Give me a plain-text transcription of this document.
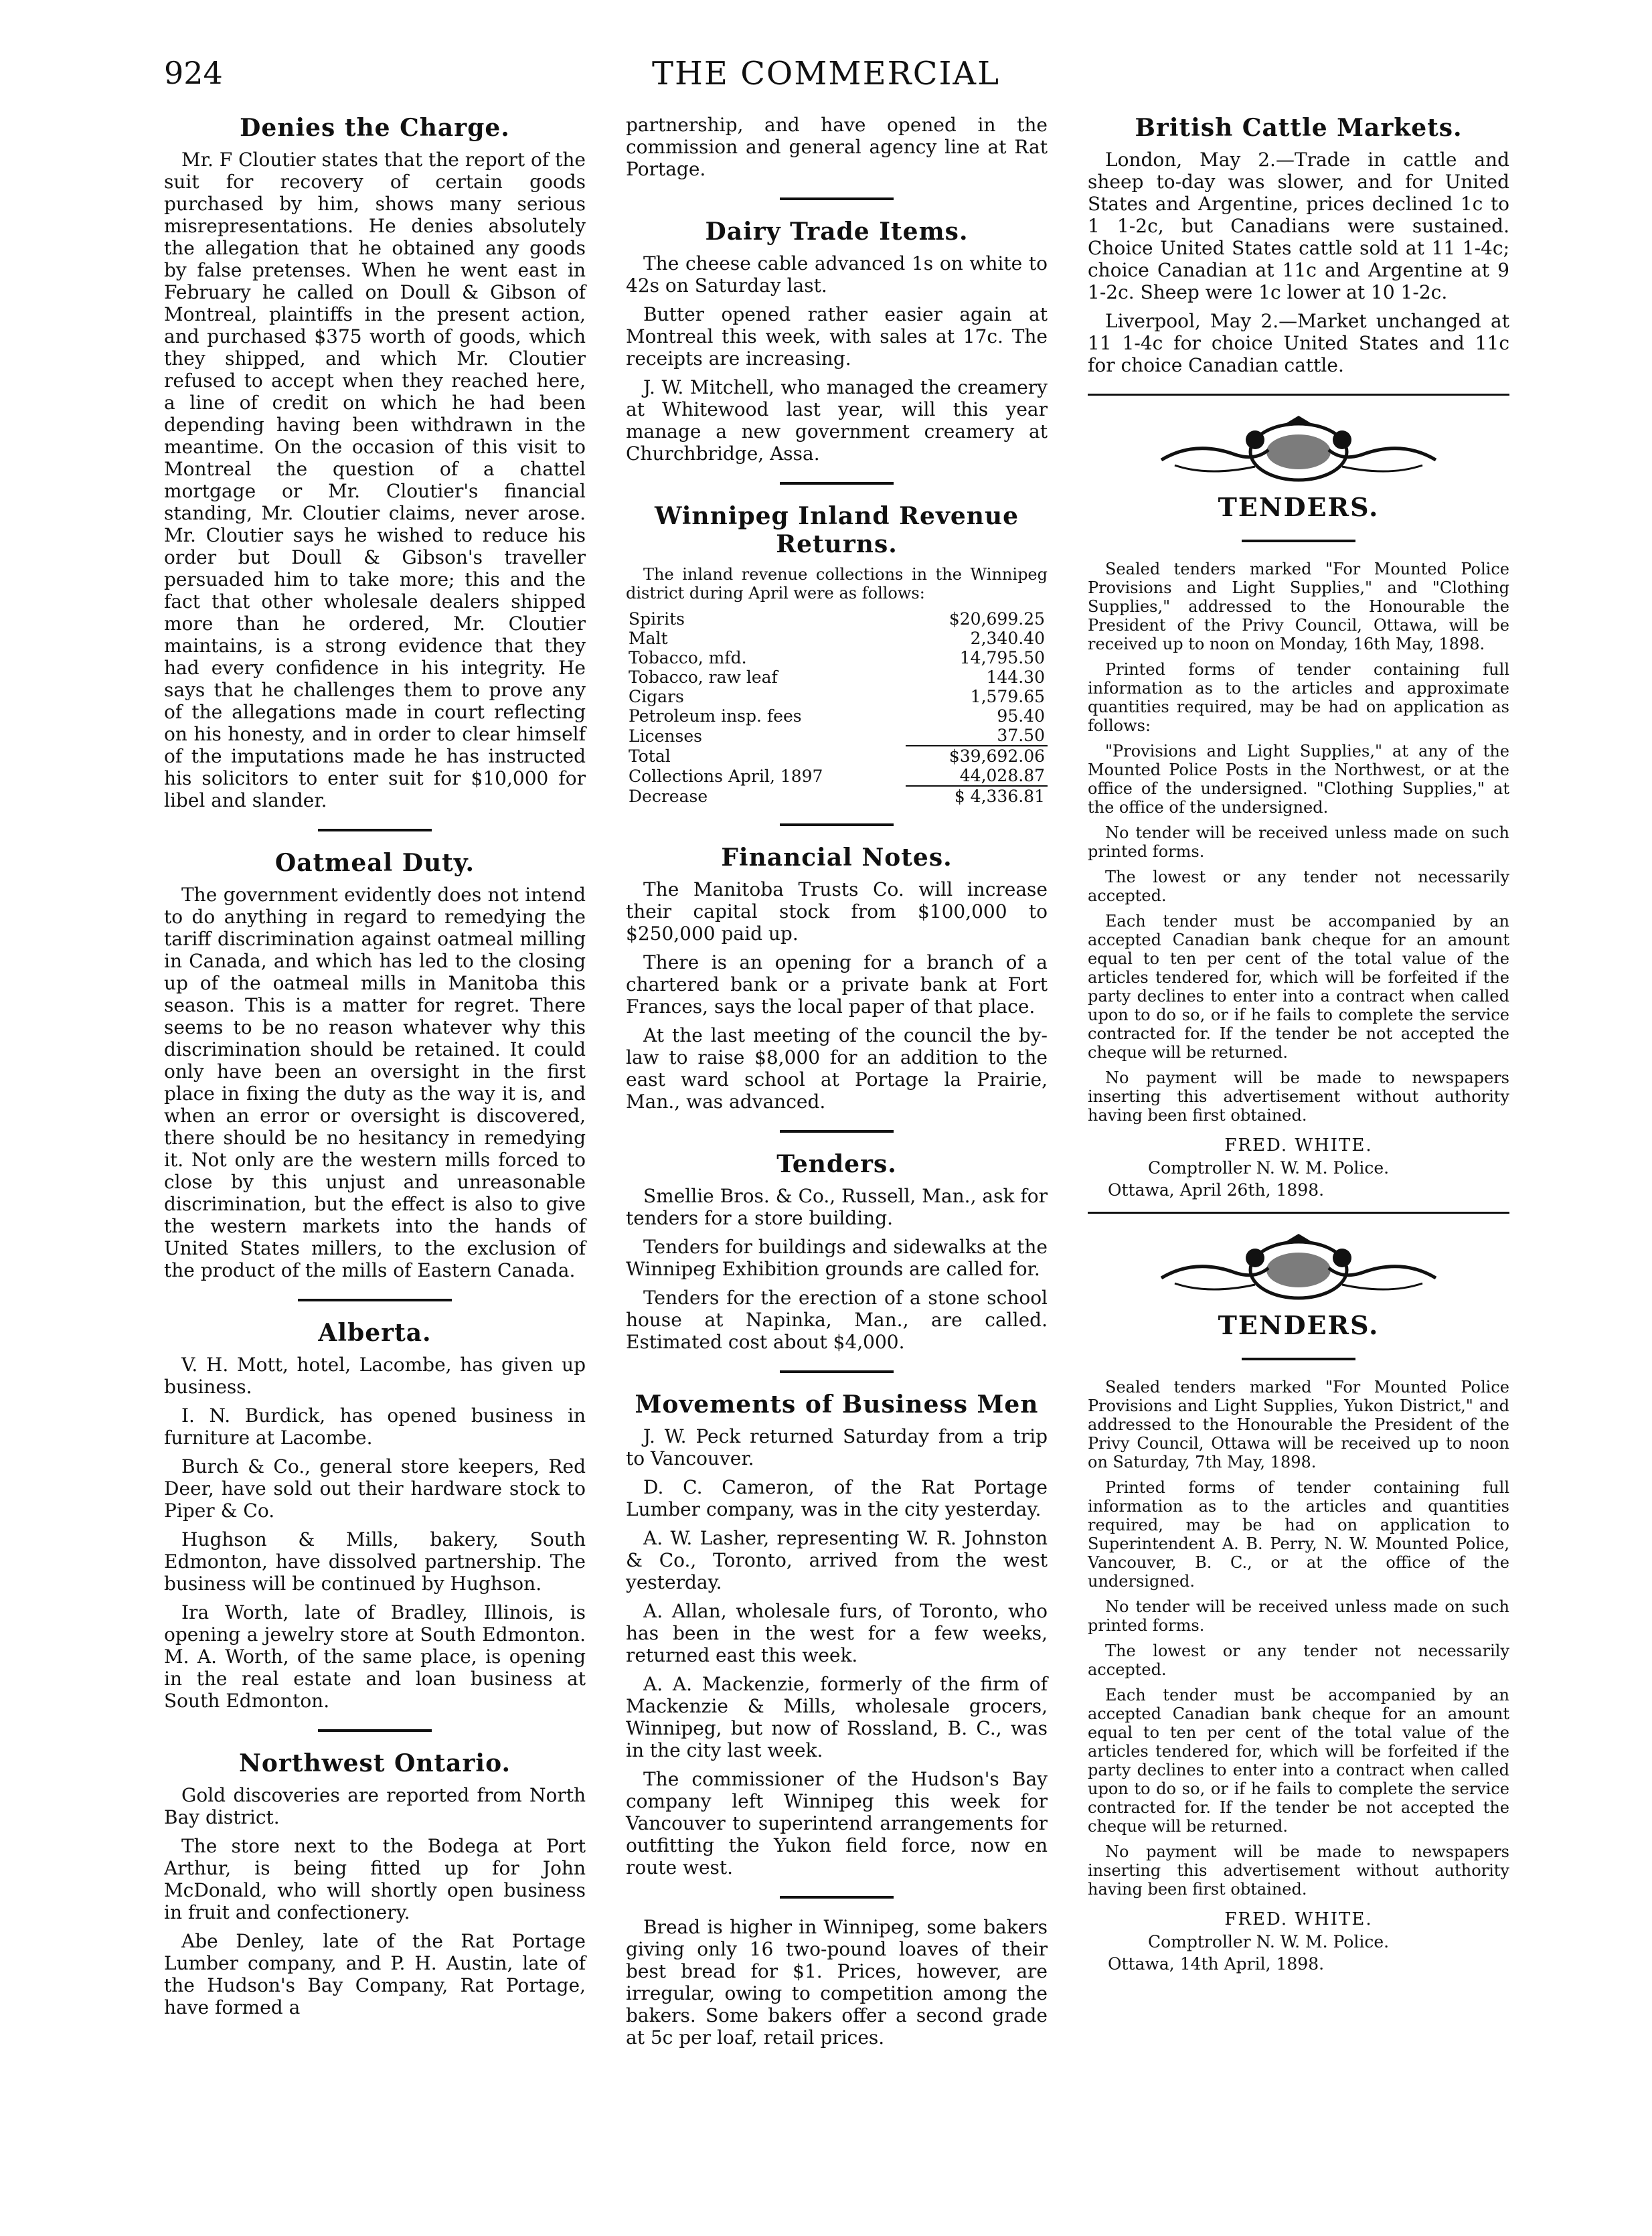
924	THE COMMERCIAL
Denies the Charge.

Mr. F Cloutier states that the report of the suit for recovery of certain goods purchased by him, shows many serious misrepresentations. He denies absolutely the allegation that he obtained any goods by false pretenses. When he went east in February he called on Doull & Gibson of Montreal, plaintiffs in the present action, and purchased $375 worth of goods, which they shipped, and which Mr. Cloutier refused to accept when they reached here, a line of credit on which he had been depending having been withdrawn in the meantime. On the occasion of this visit to Montreal the question of a chattel mortgage or Mr. Cloutier's financial standing, Mr. Cloutier claims, never arose. Mr. Cloutier says he wished to reduce his order but Doull & Gibson's traveller persuaded him to take more; this and the fact that other wholesale dealers shipped more than he ordered, Mr. Cloutier maintains, is a strong evidence that they had every confidence in his integrity. He says that he challenges them to prove any of the allegations made in court reflecting on his honesty, and in order to clear himself of the imputations made he has instructed his solicitors to enter suit for $10,000 for libel and slander.

Oatmeal Duty.

The government evidently does not intend to do anything in regard to remedying the tariff discrimination against oatmeal milling in Canada, and which has led to the closing up of the oatmeal mills in Manitoba this season. This is a matter for regret. There seems to be no reason whatever why this discrimination should be retained. It could only have been an oversight in the first place in fixing the duty as the way it is, and when an error or oversight is discovered, there should be no hesitancy in remedying it. Not only are the western mills forced to close by this unjust and unreasonable discrimination, but the effect is also to give the western markets into the hands of United States millers, to the exclusion of the product of the mills of Eastern Canada.

Alberta.

V. H. Mott, hotel, Lacombe, has given up business.

I. N. Burdick, has opened business in furniture at Lacombe.

Burch & Co., general store keepers, Red Deer, have sold out their hardware stock to Piper & Co.

Hughson & Mills, bakery, South Edmonton, have dissolved partnership. The business will be continued by Hughson.

Ira Worth, late of Bradley, Illinois, is opening a jewelry store at South Edmonton. M. A. Worth, of the same place, is opening in the real estate and loan business at South Edmonton.

Northwest Ontario.

Gold discoveries are reported from North Bay district.

The store next to the Bodega at Port Arthur, is being fitted up for John McDonald, who will shortly open business in fruit and confectionery.

Abe Denley, late of the Rat Portage Lumber company, and P. H. Austin, late of the Hudson's Bay Company, Rat Portage, have formed a

partnership, and have opened in the commission and general agency line at Rat Portage.

Dairy Trade Items.

The cheese cable advanced 1s on white to 42s on Saturday last.

Butter opened rather easier again at Montreal this week, with sales at 17c. The receipts are increasing.

J. W. Mitchell, who managed the creamery at Whitewood last year, will this year manage a new government creamery at Churchbridge, Assa.

Winnipeg Inland Revenue
Returns.

The inland revenue collections in the Winnipeg district during April were as follows:

Spirits	$20,699.25
Malt	2,340.40
Tobacco, mfd.	14,795.50
Tobacco, raw leaf	144.30
Cigars	1,579.65
Petroleum insp. fees	95.40
Licenses	37.50
Total	$39,692.06
Collections April, 1897	44,028.87
Decrease	$ 4,336.81
Financial Notes.

The Manitoba Trusts Co. will increase their capital stock from $100,000 to $250,000 paid up.

There is an opening for a branch of a chartered bank or a private bank at Fort Frances, says the local paper of that place.

At the last meeting of the council the by-law to raise $8,000 for an addition to the east ward school at Portage la Prairie, Man., was advanced.

Tenders.

Smellie Bros. & Co., Russell, Man., ask for tenders for a store building.

Tenders for buildings and sidewalks at the Winnipeg Exhibition grounds are called for.

Tenders for the erection of a stone school house at Napinka, Man., are called. Estimated cost about $4,000.

Movements of Business Men

J. W. Peck returned Saturday from a trip to Vancouver.

D. C. Cameron, of the Rat Portage Lumber company, was in the city yesterday.

A. W. Lasher, representing W. R. Johnston & Co., Toronto, arrived from the west yesterday.

A. Allan, wholesale furs, of Toronto, who has been in the west for a few weeks, returned east this week.

A. A. Mackenzie, formerly of the firm of Mackenzie & Mills, wholesale grocers, Winnipeg, but now of Rossland, B. C., was in the city last week.

The commissioner of the Hudson's Bay company left Winnipeg this week for Vancouver to superintend arrangements for outfitting the Yukon field force, now en route west.

Bread is higher in Winnipeg, some bakers giving only 16 two-pound loaves of their best bread for $1. Prices, however, are irregular, owing to competition among the bakers. Some bakers offer a second grade at 5c per loaf, retail prices.

British Cattle Markets.

London, May 2.—Trade in cattle and sheep to-day was slower, and for United States and Argentine, prices declined 1c to 1 1-2c, but Canadians were sustained. Choice United States cattle sold at 11 1-4c; choice Canadian at 11c and Argentine at 9 1-2c. Sheep were 1c lower at 10 1-2c.

Liverpool, May 2.—Market unchanged at 11 1-4c for choice United States and 11c for choice Canadian cattle.

TENDERS.

Sealed tenders marked "For Mounted Police Provisions and Light Supplies," and "Clothing Supplies," addressed to the Honourable the President of the Privy Council, Ottawa, will be received up to noon on Monday, 16th May, 1898.

Printed forms of tender containing full information as to the articles and approximate quantities required, may be had on application as follows:

"Provisions and Light Supplies," at any of the Mounted Police Posts in the Northwest, or at the office of the undersigned. "Clothing Supplies," at the office of the undersigned.

No tender will be received unless made on such printed forms.

The lowest or any tender not necessarily accepted.

Each tender must be accompanied by an accepted Canadian bank cheque for an amount equal to ten per cent of the total value of the articles tendered for, which will be forfeited if the party declines to enter into a contract when called upon to do so, or if he fails to complete the service contracted for. If the tender be not accepted the cheque will be returned.

No payment will be made to newspapers inserting this advertisement without authority having been first obtained.

FRED. WHITE.
Comptroller N. W. M. Police.
Ottawa, April 26th, 1898.
TENDERS.

Sealed tenders marked "For Mounted Police Provisions and Light Supplies, Yukon District," and addressed to the Honourable the President of the Privy Council, Ottawa will be received up to noon on Saturday, 7th May, 1898.

Printed forms of tender containing full information as to the articles and quantities required, may be had on application to Superintendent A. B. Perry, N. W. Mounted Police, Vancouver, B. C., or at the office of the undersigned.

No tender will be received unless made on such printed forms.

The lowest or any tender not necessarily accepted.

Each tender must be accompanied by an accepted Canadian bank cheque for an amount equal to ten per cent of the total value of the articles tendered for, which will be forfeited if the party declines to enter into a contract when called upon to do so, or if he fails to complete the service contracted for. If the tender be not accepted the cheque will be returned.

No payment will be made to newspapers inserting this advertisement without authority having been first obtained.

FRED. WHITE.
Comptroller N. W. M. Police.
Ottawa, 14th April, 1898.
